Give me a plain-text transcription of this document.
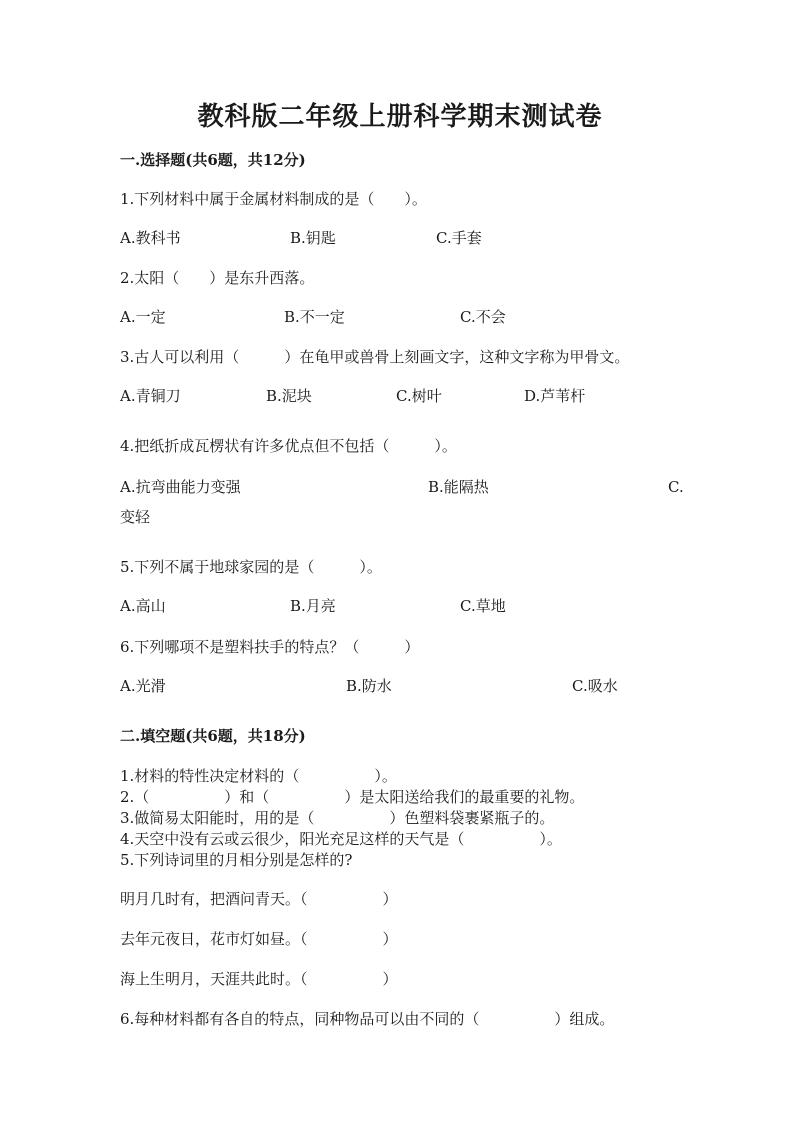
教科版二年级上册科学期末测试卷
一.选择题(共6题，共12分)
1.下列材料中属于金属材料制成的是（　　）。
A.教科书	B.钥匙	C.手套
2.太阳（　　）是东升西落。
A.一定	B.不一定	C.不会
3.古人可以利用（　　　）在龟甲或兽骨上刻画文字，这种文字称为甲骨文。
A.青铜刀	B.泥块	C.树叶	D.芦苇杆
4.把纸折成瓦楞状有许多优点但不包括（　　　）。
A.抗弯曲能力变强	B.能隔热	C.
变轻
5.下列不属于地球家园的是（　　　）。
A.高山	B.月亮	C.草地
6.下列哪项不是塑料扶手的特点？（　　　）
A.光滑	B.防水	C.吸水
二.填空题(共6题，共18分)
1.材料的特性决定材料的（　　　　　）。
2.（　　　　　）和（　　　　　）是太阳送给我们的最重要的礼物。
3.做简易太阳能时，用的是（　　　　　）色塑料袋裹紧瓶子的。
4.天空中没有云或云很少，阳光充足这样的天气是（　　　　　）。
5.下列诗词里的月相分别是怎样的?
明月几时有，把酒问青天。（　　　　　）
去年元夜日，花市灯如昼。（　　　　　）
海上生明月，天涯共此时。（　　　　　）
6.每种材料都有各自的特点，同种物品可以由不同的（　　　　　）组成。
